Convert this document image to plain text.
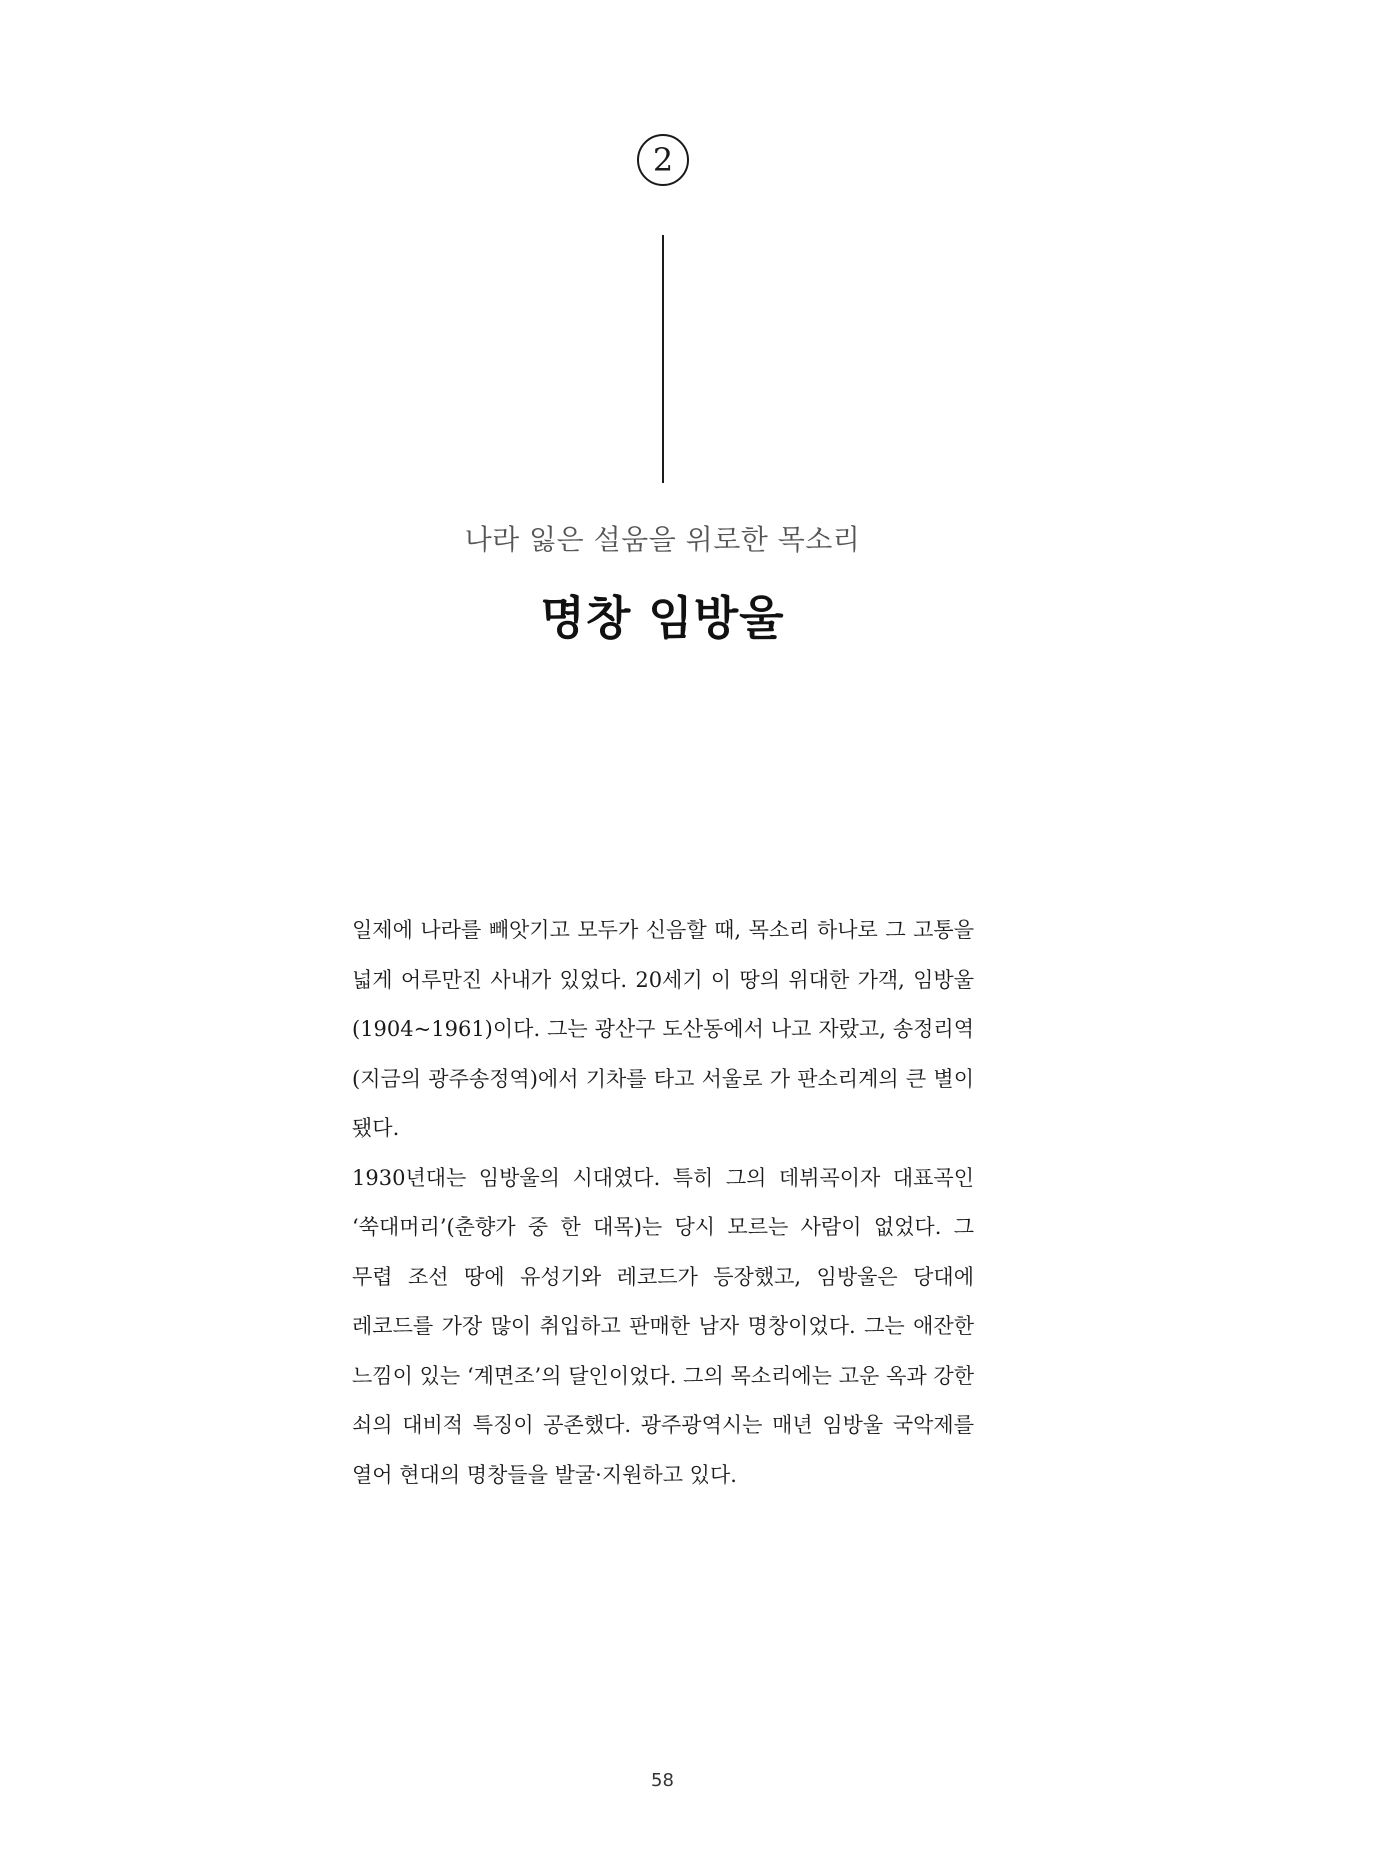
2
나라 잃은 설움을 위로한 목소리
명창 임방울

일제에 나라를 빼앗기고 모두가 신음할 때, 목소리 하나로 그 고통을 넓게 어루만진 사내가 있었다. 20세기 이 땅의 위대한 가객, 임방울(1904~1961)이다. 그는 광산구 도산동에서 나고 자랐고, 송정리역(지금의 광주송정역)에서 기차를 타고 서울로 가 판소리계의 큰 별이 됐다.

1930년대는 임방울의 시대였다. 특히 그의 데뷔곡이자 대표곡인 ‘쑥대머리’(춘향가 중 한 대목)는 당시 모르는 사람이 없었다. 그 무렵 조선 땅에 유성기와 레코드가 등장했고, 임방울은 당대에 레코드를 가장 많이 취입하고 판매한 남자 명창이었다. 그는 애잔한 느낌이 있는 ‘계면조’의 달인이었다. 그의 목소리에는 고운 옥과 강한 쇠의 대비적 특징이 공존했다. 광주광역시는 매년 임방울 국악제를 열어 현대의 명창들을 발굴·지원하고 있다.

58
